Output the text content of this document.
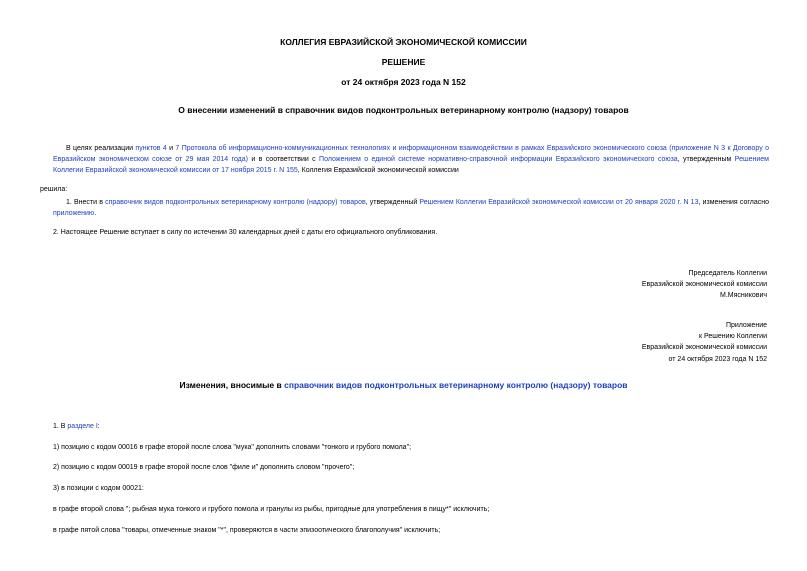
КОЛЛЕГИЯ ЕВРАЗИЙСКОЙ ЭКОНОМИЧЕСКОЙ КОМИССИИ
РЕШЕНИЕ
от 24 октября 2023 года N 152
О внесении изменений в справочник видов подконтрольных ветеринарному контролю (надзору) товаров
В целях реализации пунктов 4 и 7 Протокола об информационно-коммуникационных технологиях и информационном взаимодействии в рамках Евразийского экономического союза (приложение N 3 к Договору о Евразийском экономическом союзе от 29 мая 2014 года) и в соответствии с Положением о единой системе нормативно-справочной информации Евразийского экономического союза, утвержденным Решением Коллегии Евразийской экономической комиссии от 17 ноября 2015 г. N 155, Коллегия Евразийской экономической комиссии
решила:
1. Внести в справочник видов подконтрольных ветеринарному контролю (надзору) товаров, утвержденный Решением Коллегии Евразийской экономической комиссии от 20 января 2020 г. N 13, изменения согласно приложению.
2. Настоящее Решение вступает в силу по истечении 30 календарных дней с даты его официального опубликования.
Председатель Коллегии
Евразийской экономической комиссии
М.Мясникович
Приложение
к Решению Коллегии
Евразийской экономической комиссии
от 24 октября 2023 года N 152
Изменения, вносимые в справочник видов подконтрольных ветеринарному контролю (надзору) товаров
1. В разделе I:
1) позицию с кодом 00016 в графе второй после слова "мука" дополнить словами "тонкого и грубого помола";
2) позицию с кодом 00019 в графе второй после слов "филе и" дополнить словом "прочего";
3) в позиции с кодом 00021:
в графе второй слова "; рыбная мука тонкого и грубого помола и гранулы из рыбы, пригодные для употребления в пищу*" исключить;
в графе пятой слова "товары, отмеченные знаком "*", проверяются в части эпизоотического благополучия" исключить;
